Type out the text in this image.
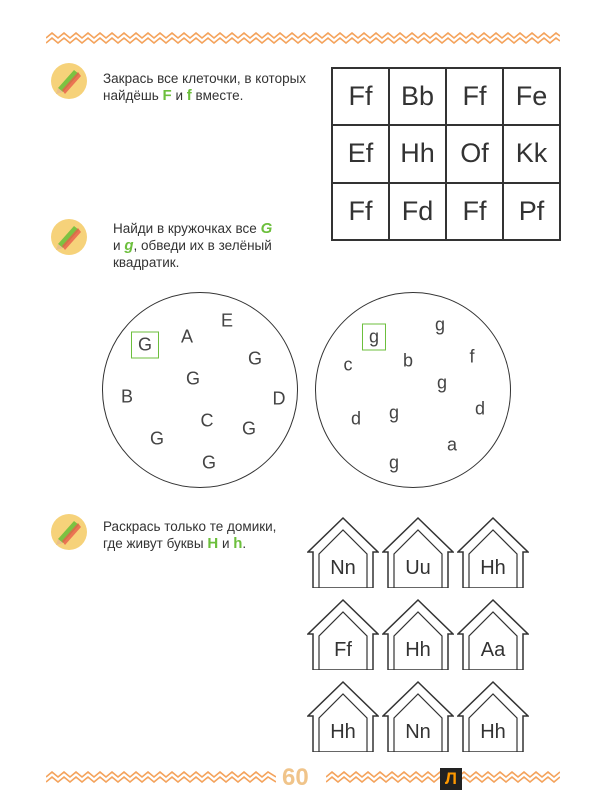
Закрась все клеточки, в которых
найдёшь F и f вместе.	Ff	Bb	Ff	Fe
Ef Hh Of Kk
Ff	Fd	Ff	Pf
Найди в кружочках все G
и g, обведи их в зелёный
квадратик.
G	A
E
G
G
B	D
C G
G
G
g
g
c	b	f
g
d g	d
a
g
Раскрась только те домики,
где живут буквы H и h.
Nn	Uu	Hh
Ff	Hh	Aa
Hh	Nn	Hh
60	Л
